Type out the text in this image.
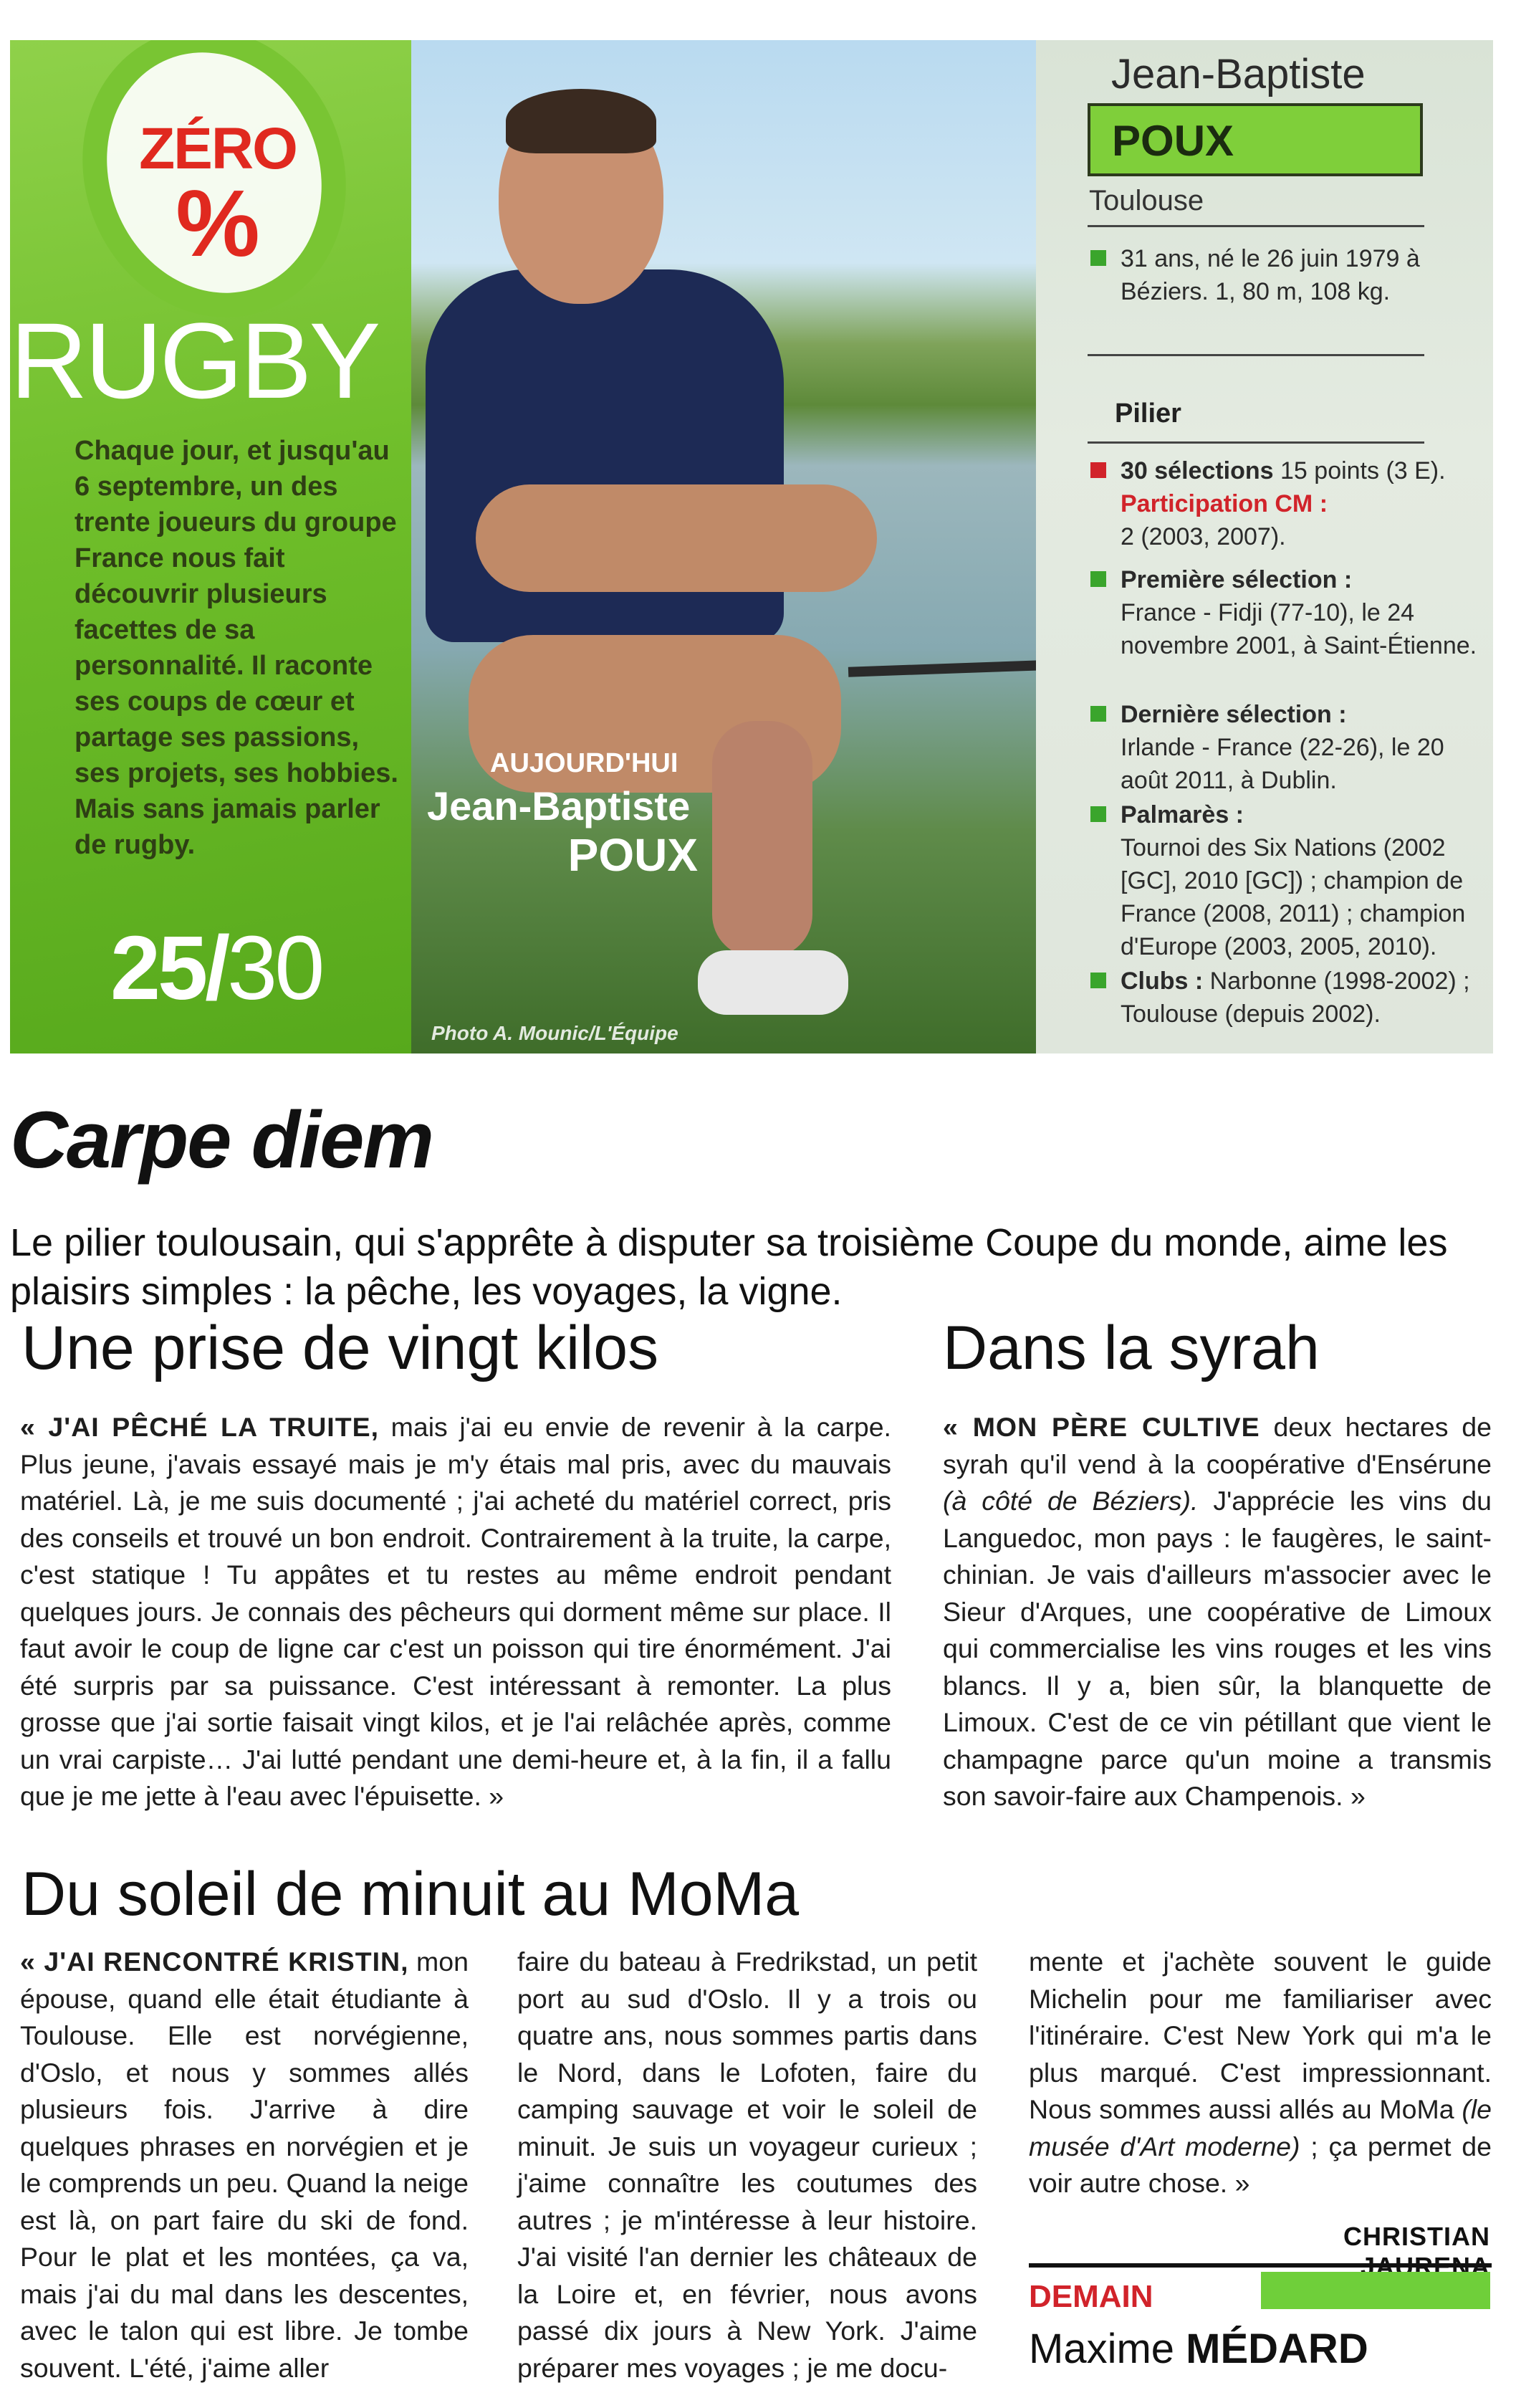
ZÉRO
%
RUGBY
Chaque jour, et jusqu'au 6 septembre, un des trente joueurs du groupe France nous fait découvrir plusieurs facettes de sa personnalité. Il raconte ses coups de cœur et partage ses passions, ses projets, ses hobbies. Mais sans jamais parler de rugby.
25/30
AUJOURD'HUI
Jean-Baptiste
POUX
Photo A. Mounic/L'Équipe
Jean-Baptiste
POUX
Toulouse
31 ans, né le 26 juin 1979 à Béziers. 1, 80 m, 108 kg.
Pilier
30 sélections 15 points (3 E).
Participation CM :
2 (2003, 2007).
Première sélection :
France - Fidji (77-10), le 24 novembre 2001, à Saint-Étienne.
Dernière sélection :
Irlande - France (22-26), le 20 août 2011, à Dublin.
Palmarès :
Tournoi des Six Nations (2002 [GC], 2010 [GC]) ; champion de France (2008, 2011) ; champion d'Europe (2003, 2005, 2010).
Clubs : Narbonne (1998-2002) ; Toulouse (depuis 2002).
Carpe diem
Le pilier toulousain, qui s'apprête à disputer sa troisième Coupe du monde, aime les plaisirs simples : la pêche, les voyages, la vigne.
Une prise de vingt kilos
« J'AI PÊCHÉ LA TRUITE, mais j'ai eu envie de revenir à la carpe. Plus jeune, j'avais essayé mais je m'y étais mal pris, avec du mauvais matériel. Là, je me suis documenté ; j'ai acheté du matériel correct, pris des conseils et trouvé un bon endroit. Contrairement à la truite, la carpe, c'est statique ! Tu appâtes et tu restes au même endroit pendant quelques jours. Je connais des pêcheurs qui dorment même sur place. Il faut avoir le coup de ligne car c'est un poisson qui tire énormément. J'ai été surpris par sa puissance. C'est intéressant à remonter. La plus grosse que j'ai sortie faisait vingt kilos, et je l'ai relâchée après, comme un vrai carpiste… J'ai lutté pendant une demi-heure et, à la fin, il a fallu que je me jette à l'eau avec l'épuisette. »
Dans la syrah
« MON PÈRE CULTIVE deux hectares de syrah qu'il vend à la coopérative d'Ensérune (à côté de Béziers). J'apprécie les vins du Languedoc, mon pays : le faugères, le saint-chinian. Je vais d'ailleurs m'associer avec le Sieur d'Arques, une coopérative de Limoux qui commercialise les vins rouges et les vins blancs. Il y a, bien sûr, la blanquette de Limoux. C'est de ce vin pétillant que vient le champagne parce qu'un moine a transmis son savoir-faire aux Champenois. »
Du soleil de minuit au MoMa
« J'AI RENCONTRÉ KRISTIN, mon épouse, quand elle était étudiante à Toulouse. Elle est norvégienne, d'Oslo, et nous y sommes allés plusieurs fois. J'arrive à dire quelques phrases en norvégien et je le comprends un peu. Quand la neige est là, on part faire du ski de fond. Pour le plat et les montées, ça va, mais j'ai du mal dans les descentes, avec le talon qui est libre. Je tombe souvent. L'été, j'aime aller
faire du bateau à Fredrikstad, un petit port au sud d'Oslo. Il y a trois ou quatre ans, nous sommes partis dans le Nord, dans le Lofoten, faire du camping sauvage et voir le soleil de minuit. Je suis un voyageur curieux ; j'aime connaître les coutumes des autres ; je m'intéresse à leur histoire. J'ai visité l'an dernier les châteaux de la Loire et, en février, nous avons passé dix jours à New York. J'aime préparer mes voyages ; je me docu-
mente et j'achète souvent le guide Michelin pour me familiariser avec l'itinéraire. C'est New York qui m'a le plus marqué. C'est impressionnant. Nous sommes aussi allés au MoMa (le musée d'Art moderne) ; ça permet de voir autre chose. »
CHRISTIAN
DEMAIN
Maxime MÉDARD
